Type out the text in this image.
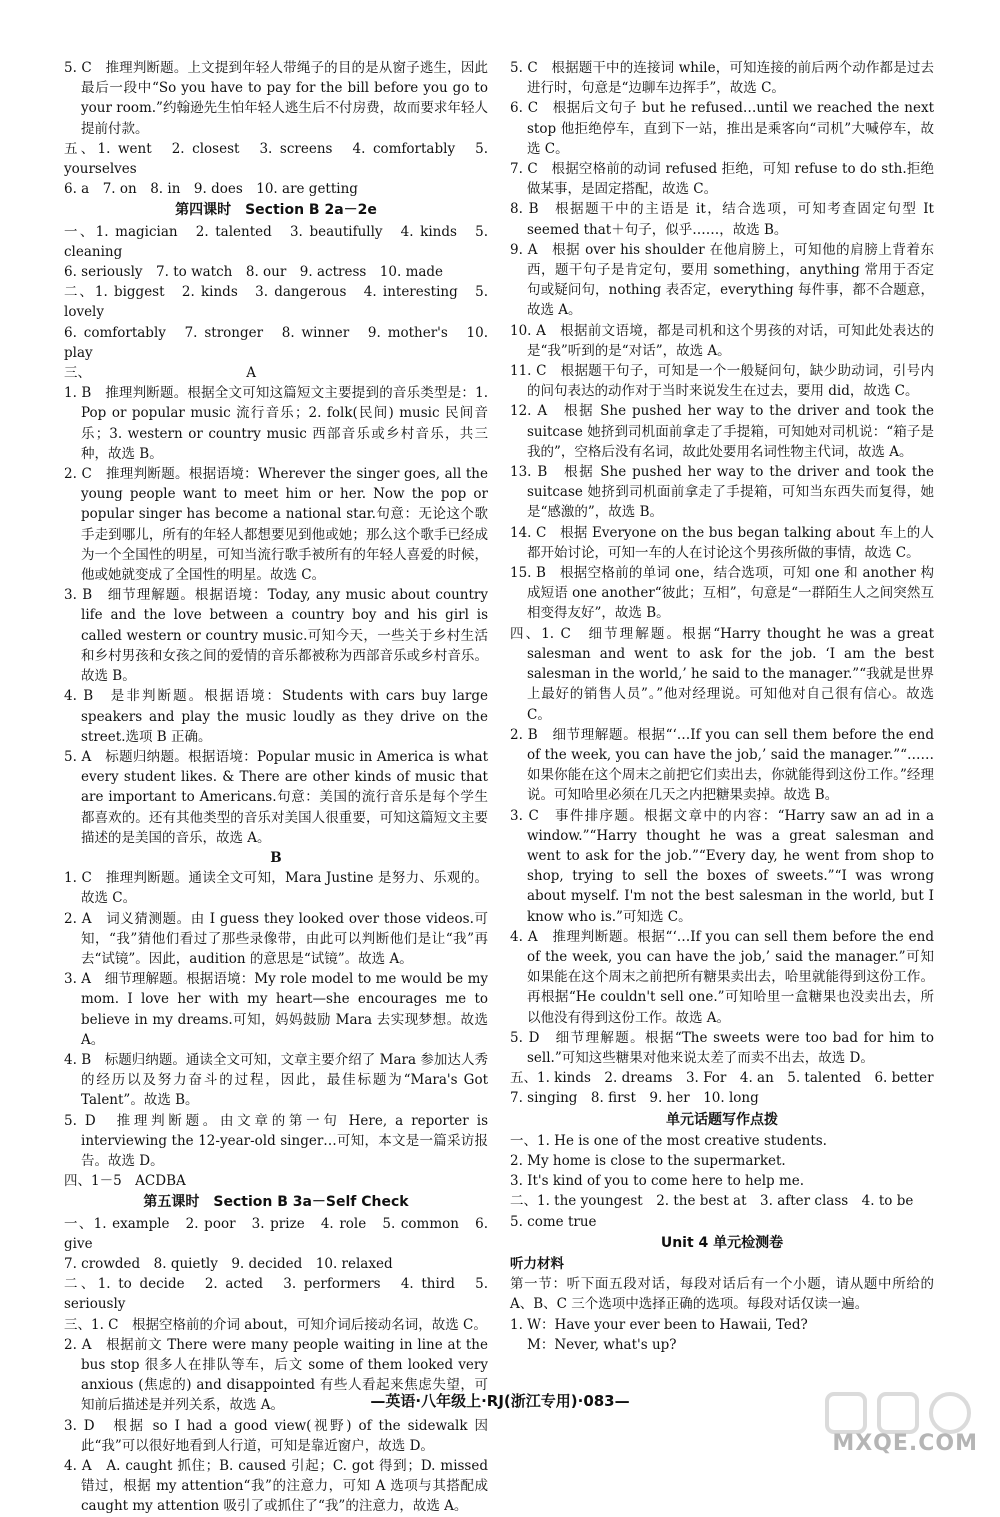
5. C　推理判断题。上文提到年轻人带绳子的目的是从窗子逃生，因此最后一段中“So you have to pay for the bill before you go to your room.”约翰逊先生怕年轻人逃生后不付房费，故而要求年轻人提前付款。
五、1. went　2. closest　3. screens　4. comfortably　5. yourselves
6. a　7. on　8. in　9. does　10. are getting
第四课时　Section B 2a－2e
一、1. magician　2. talented　3. beautifully　4. kinds　5. cleaning
6. seriously　7. to watch　8. our　9. actress　10. made
二、1. biggest　2. kinds　3. dangerous　4. interesting　5. lovely
6. comfortably　7. stronger　8. winner　9. mother's　10. play
三、　　　　　　　　　　　　A
1. B　推理判断题。根据全文可知这篇短文主要提到的音乐类型是：1. Pop or popular music 流行音乐；2. folk(民间) music 民间音乐；3. western or country music 西部音乐或乡村音乐，共三种，故选 B。
2. C　推理判断题。根据语境：Wherever the singer goes, all the young people want to meet him or her. Now the pop or popular singer has become a national star.句意：无论这个歌手走到哪儿，所有的年轻人都想要见到他或她；那么这个歌手已经成为一个全国性的明星，可知当流行歌手被所有的年轻人喜爱的时候，他或她就变成了全国性的明星。故选 C。
3. B　细节理解题。根据语境：Today, any music about country life and the love between a country boy and his girl is called western or country music.可知今天，一些关于乡村生活和乡村男孩和女孩之间的爱情的音乐都被称为西部音乐或乡村音乐。故选 B。
4. B　是非判断题。根据语境：Students with cars buy large speakers and play the music loudly as they drive on the street.选项 B 正确。
5. A　标题归纳题。根据语境：Popular music in America is what every student likes. & There are other kinds of music that are important to Americans.句意：美国的流行音乐是每个学生都喜欢的。还有其他类型的音乐对美国人很重要，可知这篇短文主要描述的是美国的音乐，故选 A。
B
1. C　推理判断题。通读全文可知，Mara Justine 是努力、乐观的。故选 C。
2. A　词义猜测题。由 I guess they looked over those videos.可知，“我”猜他们看过了那些录像带，由此可以判断他们是让“我”再去“试镜”。因此，audition 的意思是“试镜”。故选 A。
3. A　细节理解题。根据语境：My role model to me would be my mom. I love her with my heart—she encourages me to believe in my dreams.可知，妈妈鼓励 Mara 去实现梦想。故选 A。
4. B　标题归纳题。通读全文可知，文章主要介绍了 Mara 参加达人秀的经历以及努力奋斗的过程，因此，最佳标题为“Mara's Got Talent”。故选 B。
5. D　推理判断题。由文章的第一句 Here, a reporter is interviewing the 12-year-old singer…可知，本文是一篇采访报告。故选 D。
四、1－5　ACDBA
第五课时　Section B 3a－Self Check
一、1. example　2. poor　3. prize　4. role　5. common　6. give
7. crowded　8. quietly　9. decided　10. relaxed
二、1. to decide　2. acted　3. performers　4. third　5. seriously
三、1. C　根据空格前的介词 about，可知介词后接动名词，故选 C。
2. A　根据前文 There were many people waiting in line at the bus stop 很多人在排队等车，后文 some of them looked very anxious (焦虑的) and disappointed 有些人看起来焦虑失望，可知前后描述是并列关系，故选 A。
3. D　根据 so I had a good view(视野) of the sidewalk 因此“我”可以很好地看到人行道，可知是靠近窗户，故选 D。
4. A　A. caught 抓住；B. caused 引起；C. got 得到；D. missed 错过，根据 my attention“我”的注意力，可知 A 选项与其搭配成 caught my attention 吸引了或抓住了“我”的注意力，故选 A。
5. C　根据题干中的连接词 while，可知连接的前后两个动作都是过去进行时，句意是“边聊车边挥手”，故选 C。
6. C　根据后文句子 but he refused…until we reached the next stop 他拒绝停车，直到下一站，推出是乘客向“司机”大喊停车，故选 C。
7. C　根据空格前的动词 refused 拒绝，可知 refuse to do sth.拒绝做某事，是固定搭配，故选 C。
8. B　根据题干中的主语是 it，结合选项，可知考查固定句型 It seemed that＋句子，似乎……，故选 B。
9. A　根据 over his shoulder 在他肩膀上，可知他的肩膀上背着东西，题干句子是肯定句，要用 something，anything 常用于否定句或疑问句，nothing 表否定，everything 每件事，都不合题意，故选 A。
10. A　根据前文语境，都是司机和这个男孩的对话，可知此处表达的是“我”听到的是“对话”，故选 A。
11. C　根据题干句子，可知是一个一般疑问句，缺少助动词，引号内的问句表达的动作对于当时来说发生在过去，要用 did，故选 C。
12. A　根据 She pushed her way to the driver and took the suitcase 她挤到司机面前拿走了手提箱，可知她对司机说：“箱子是我的”，空格后没有名词，故此处要用名词性物主代词，故选 A。
13. B　根据 She pushed her way to the driver and took the suitcase 她挤到司机面前拿走了手提箱，可知当东西失而复得，她是“感激的”，故选 B。
14. C　根据 Everyone on the bus began talking about 车上的人都开始讨论，可知一车的人在讨论这个男孩所做的事情，故选 C。
15. B　根据空格前的单词 one，结合选项，可知 one 和 another 构成短语 one another“彼此；互相”，句意是“一群陌生人之间突然互相变得友好”，故选 B。
四、1. C　细节理解题。根据“Harry thought he was a great salesman and went to ask for the job. ‘I am the best salesman in the world,’ he said to the manager.”“我就是世界上最好的销售人员”。”他对经理说。可知他对自己很有信心。故选 C。
2. B　细节理解题。根据“‘…If you can sell them before the end of the week, you can have the job,’ said the manager.”“……如果你能在这个周末之前把它们卖出去，你就能得到这份工作。”经理说。可知哈里必须在几天之内把糖果卖掉。故选 B。
3. C　事件排序题。根据文章中的内容：“Harry saw an ad in a window.”“Harry thought he was a great salesman and went to ask for the job.”“Every day, he went from shop to shop, trying to sell the boxes of sweets.”“I was wrong about myself. I'm not the best salesman in the world, but I know who is.”可知选 C。
4. A　推理判断题。根据“‘…If you can sell them before the end of the week, you can have the job,’ said the manager.”可知如果能在这个周末之前把所有糖果卖出去，哈里就能得到这份工作。再根据“He couldn't sell one.”可知哈里一盒糖果也没卖出去，所以他没有得到这份工作。故选 A。
5. D　细节理解题。根据“The sweets were too bad for him to sell.”可知这些糖果对他来说太差了而卖不出去，故选 D。
五、1. kinds　2. dreams　3. For　4. an　5. talented　6. better
7. singing　8. first　9. her　10. long
单元话题写作点拨
一、1. He is one of the most creative students.
2. My home is close to the supermarket.
3. It's kind of you to come here to help me.
二、1. the youngest　2. the best at　3. after class　4. to be
5. come true
Unit 4 单元检测卷
听力材料
第一节：听下面五段对话，每段对话后有一个小题，请从题中所给的 A、B、C 三个选项中选择正确的选项。每段对话仅读一遍。
1. W：Have your ever been to Hawaii, Ted?
M：Never, what's up?
—英语·八年级上·RJ(浙江专用)·083—
MXQE.COM
